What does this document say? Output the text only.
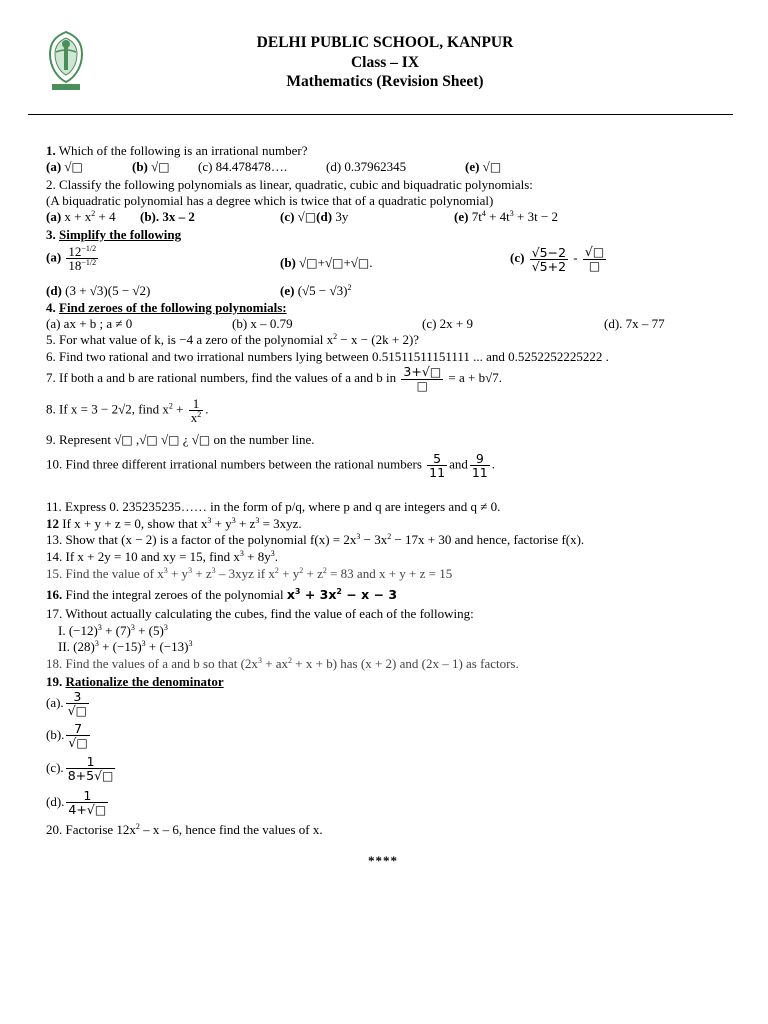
DELHI PUBLIC SCHOOL, KANPUR
Class – IX
Mathematics (Revision Sheet)
1. Which of the following is an irrational number?
(a) √□	(b) √□ (c) 84.478478….	(d) 0.37962345	(e) √□
2. Classify the following polynomials as linear, quadratic, cubic and biquadratic polynomials:
(A biquadratic polynomial has a degree which is twice that of a quadratic polynomial)
(a) $x + x^2 + 4$ (b). 3x – 2	(c) √□(d) 3y	(e) $7t^4 + 4t^3 + 3t - 2$
3. Simplify the following
$(a) \frac{12^{-1/2}}{18^{-1/2}}$	(b) √□+√□+√□.	$(c) \frac{√5-2}{√5+2}$ - √□
□
(d) (3 + √3)(5 − √2)	(e) $(√5 - √3)^2$
4. Find zeroes of the following polynomials:
(a) ax + b ; a ≠ 0	(b) x – 0.79	(c) 2x + 9	(d). 7x – 77
5. For what value of k, is −4 a zero of the polynomial $x^2 - x - (2k + 2)$?
6. Find two rational and two irrational numbers lying between 0.51511511151111 ... and 0.5252252225222 .
7. If both a and b are rational numbers, find the values of a and b in 3+√□
□
= a + b√7.
8. If x = 3 − 2√2, find $x^2 + \frac{1}{x^2}$ .
9. Represent √□ ,√□ √□ ¿ √□ on the number line.
10. Find three different irrational numbers between the rational numbers $\frac{5}{11}$ and $\frac{9}{11}$ .
11. Express 0. 235235235…… in the form of p/q, where p and q are integers and q ≠ 0.
12 If x + y + z = 0, show that $x^3 + y^3 + z^3 = 3xyz$.
13. Show that (x − 2) is a factor of the polynomial $f(x) = 2x^3 - 3x^2 - 17x + 30$ and hence, factorise f(x).
14. If x + 2y = 10 and xy = 15, find $x^3 + 8y^3$.
15. Find the value of $x^3 + y^3 + z^3 - 3xyz$ if $x^2 + y^2 + z^2 = 83$ and x + y + z = 15
16. Find the integral zeroes of the polynomial $x^3 + 3x^2 - x - 3$
17. Without actually calculating the cubes, find the value of each of the following:
I. $(-12)^3 + (7)^3 + (5)^3$
II. $(28)^3 + (-15)^3 + (-13)^3$
18. Find the values of a and b so that $(2x^3 + ax^2 + x + b)$ has (x + 2) and (2x – 1) as factors.
19. Rationalize the denominator
(a). 3
√□
(b). 7
√□
(c). $\frac{1}{8+5√□}$
(d). $\frac{1}{4+√□}$
20. Factorise $12x^2$ – x – 6, hence find the values of x.
****
